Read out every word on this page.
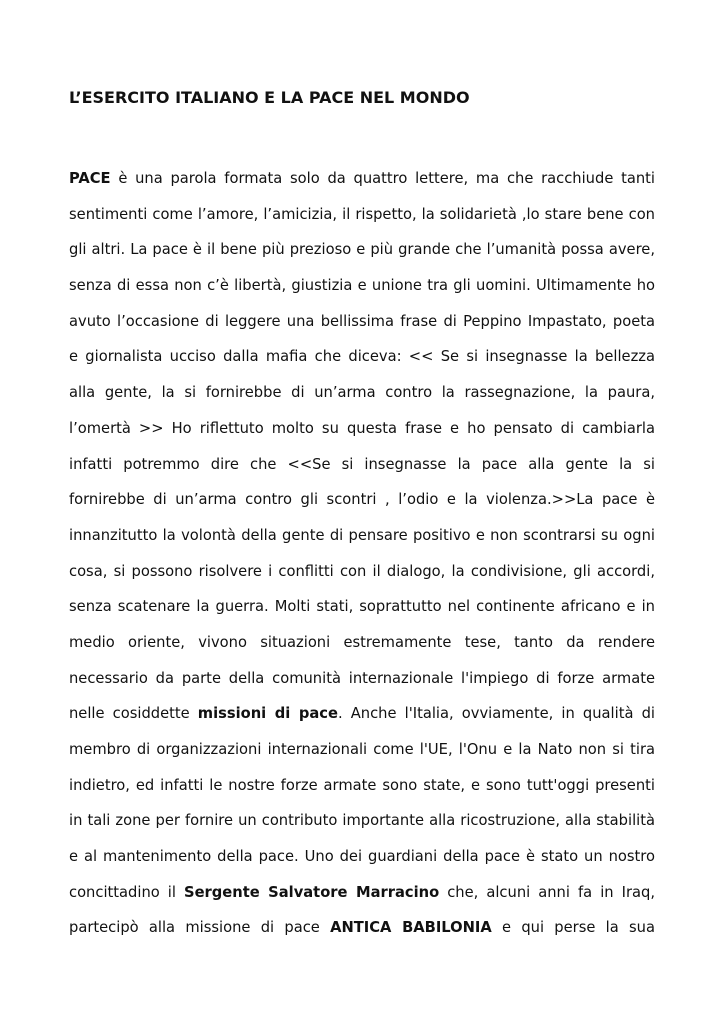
L’ESERCITO ITALIANO E LA PACE NEL MONDO
PACE è una parola formata solo da quattro lettere, ma che racchiude tanti
sentimenti come l’amore, l’amicizia, il rispetto, la solidarietà ,lo stare bene con
gli altri. La pace è il bene più prezioso e più grande che l’umanità possa avere,
senza di essa non c’è libertà, giustizia e unione tra gli uomini. Ultimamente ho
avuto l’occasione di leggere una bellissima frase di Peppino Impastato, poeta
e giornalista ucciso dalla mafia che diceva: << Se si insegnasse la bellezza
alla gente, la si fornirebbe di un’arma contro la rassegnazione, la paura,
l’omertà >> Ho riflettuto molto su questa frase e ho pensato di cambiarla
infatti potremmo dire che <<Se si insegnasse la pace alla gente la si
fornirebbe di un’arma contro gli scontri , l’odio e la violenza.>>La pace è
innanzitutto la volontà della gente di pensare positivo e non scontrarsi su ogni
cosa, si possono risolvere i conflitti con il dialogo, la condivisione, gli accordi,
senza scatenare la guerra. Molti stati, soprattutto nel continente africano e in
medio oriente, vivono situazioni estremamente tese, tanto da rendere
necessario da parte della comunità internazionale l'impiego di forze armate
nelle cosiddette missioni di pace. Anche l'Italia, ovviamente, in qualità di
membro di organizzazioni internazionali come l'UE, l'Onu e la Nato non si tira
indietro, ed infatti le nostre forze armate sono state, e sono tutt'oggi presenti
in tali zone per fornire un contributo importante alla ricostruzione, alla stabilità
e al mantenimento della pace. Uno dei guardiani della pace è stato un nostro
concittadino il Sergente Salvatore Marracino che, alcuni anni fa in Iraq,
partecipò alla missione di pace ANTICA BABILONIA e qui perse la sua
